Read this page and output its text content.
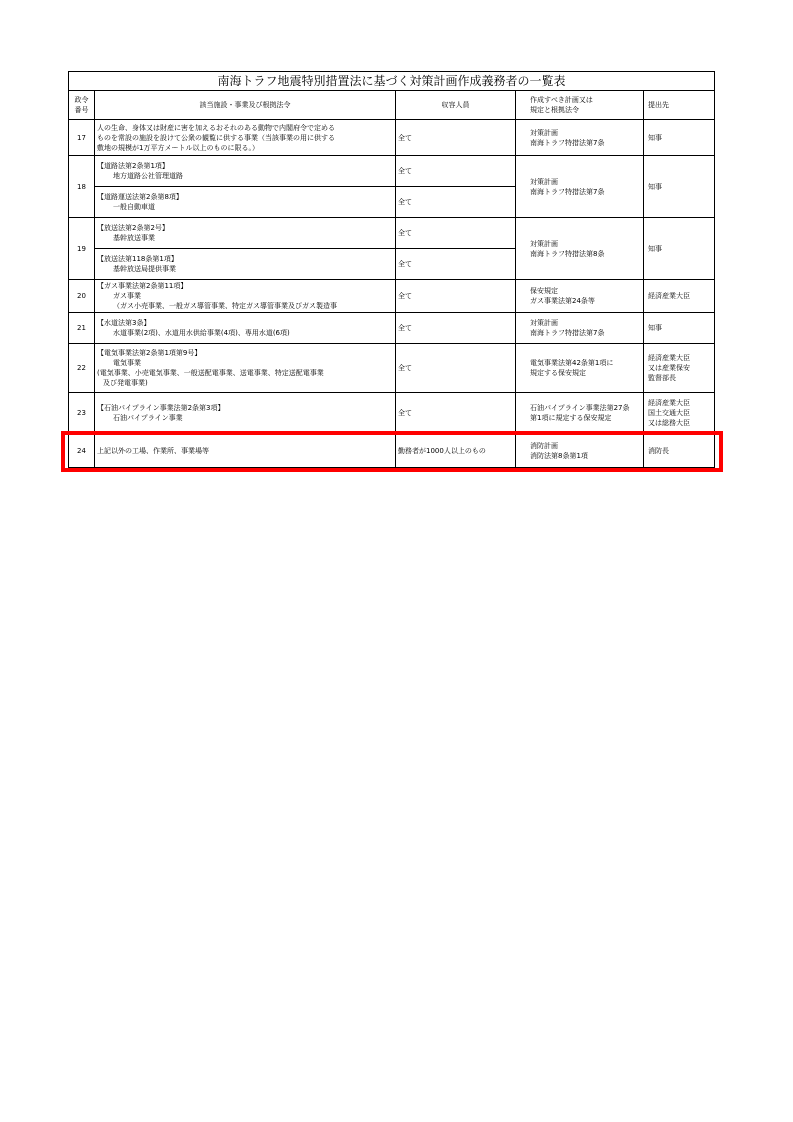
南海トラフ地震特別措置法に基づく対策計画作成義務者の一覧表				

政令
番号	該当施設・事業及び根拠法令	収容人員	作成すべき計画又は
規定と根拠法令	提出先
17	人の生命、身体又は財産に害を加えるおそれのある動物で内閣府令で定める
ものを常設の施設を設けて公衆の観覧に供する事業（当該事業の用に供する
敷地の規模が1万平方メートル以上のものに限る。）	全て	対策計画
南海トラフ特措法第7条	知事
18	【道路法第2条第1項】
地方道路公社管理道路	全て	対策計画
南海トラフ特措法第7条	知事

	【道路運送法第2条第8項】
一般自動車道	全て		
19	【放送法第2条第2号】
基幹放送事業	全て	対策計画
南海トラフ特措法第8条	知事

	【放送法第118条第1項】
基幹放送局提供事業	全て		
20	【ガス事業法第2条第11項】
ガス事業
（ガス小売事業、一般ガス導管事業、特定ガス導管事業及びガス製造事	全て	保安規定
ガス事業法第24条等	経済産業大臣
21	【水道法第3条】
水道事業(2項)、水道用水供給事業(4項)、専用水道(6項)	全て	対策計画
南海トラフ特措法第7条	知事
22	【電気事業法第2条第1項第9号】
電気事業
(電気事業、小売電気事業、一般送配電事業、送電事業、特定送配電事業
及び発電事業)	全て	電気事業法第42条第1項に
規定する保安規定	経済産業大臣
又は産業保安
監督部長

23	【石油パイプライン事業法第2条第3項】
石油パイプライン事業	全て	石油パイプライン事業法第27条
第1項に規定する保安規定	経済産業大臣
国土交通大臣
又は総務大臣

24	上記以外の工場、作業所、事業場等	勤務者が1000人以上のもの	消防計画
消防法第8条第1項	消防長
